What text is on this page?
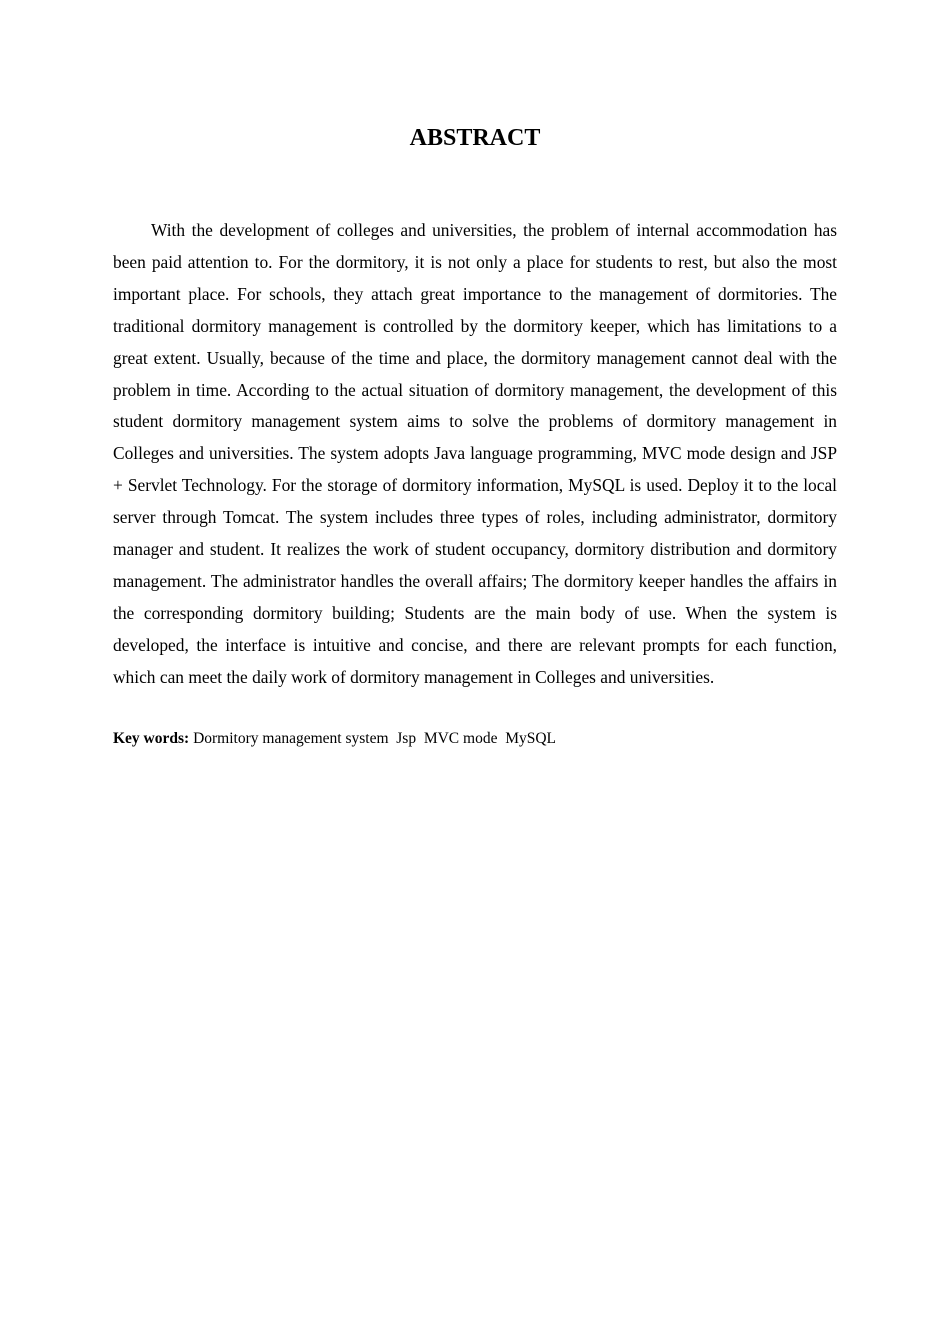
ABSTRACT

With the development of colleges and universities, the problem of internal accommodation has been paid attention to. For the dormitory, it is not only a place for students to rest, but also the most important place. For schools, they attach great importance to the management of dormitories. The traditional dormitory management is controlled by the dormitory keeper, which has limitations to a great extent. Usually, because of the time and place, the dormitory management cannot deal with the problem in time. According to the actual situation of dormitory management, the development of this student dormitory management system aims to solve the problems of dormitory management in Colleges and universities. The system adopts Java language programming, MVC mode design and JSP + Servlet Technology. For the storage of dormitory information, MySQL is used. Deploy it to the local server through Tomcat. The system includes three types of roles, including administrator, dormitory manager and student. It realizes the work of student occupancy, dormitory distribution and dormitory management. The administrator handles the overall affairs; The dormitory keeper handles the affairs in the corresponding dormitory building; Students are the main body of use. When the system is developed, the interface is intuitive and concise, and there are relevant prompts for each function, which can meet the daily work of dormitory management in Colleges and universities.

Key words: Dormitory management system  Jsp  MVC mode  MySQL
